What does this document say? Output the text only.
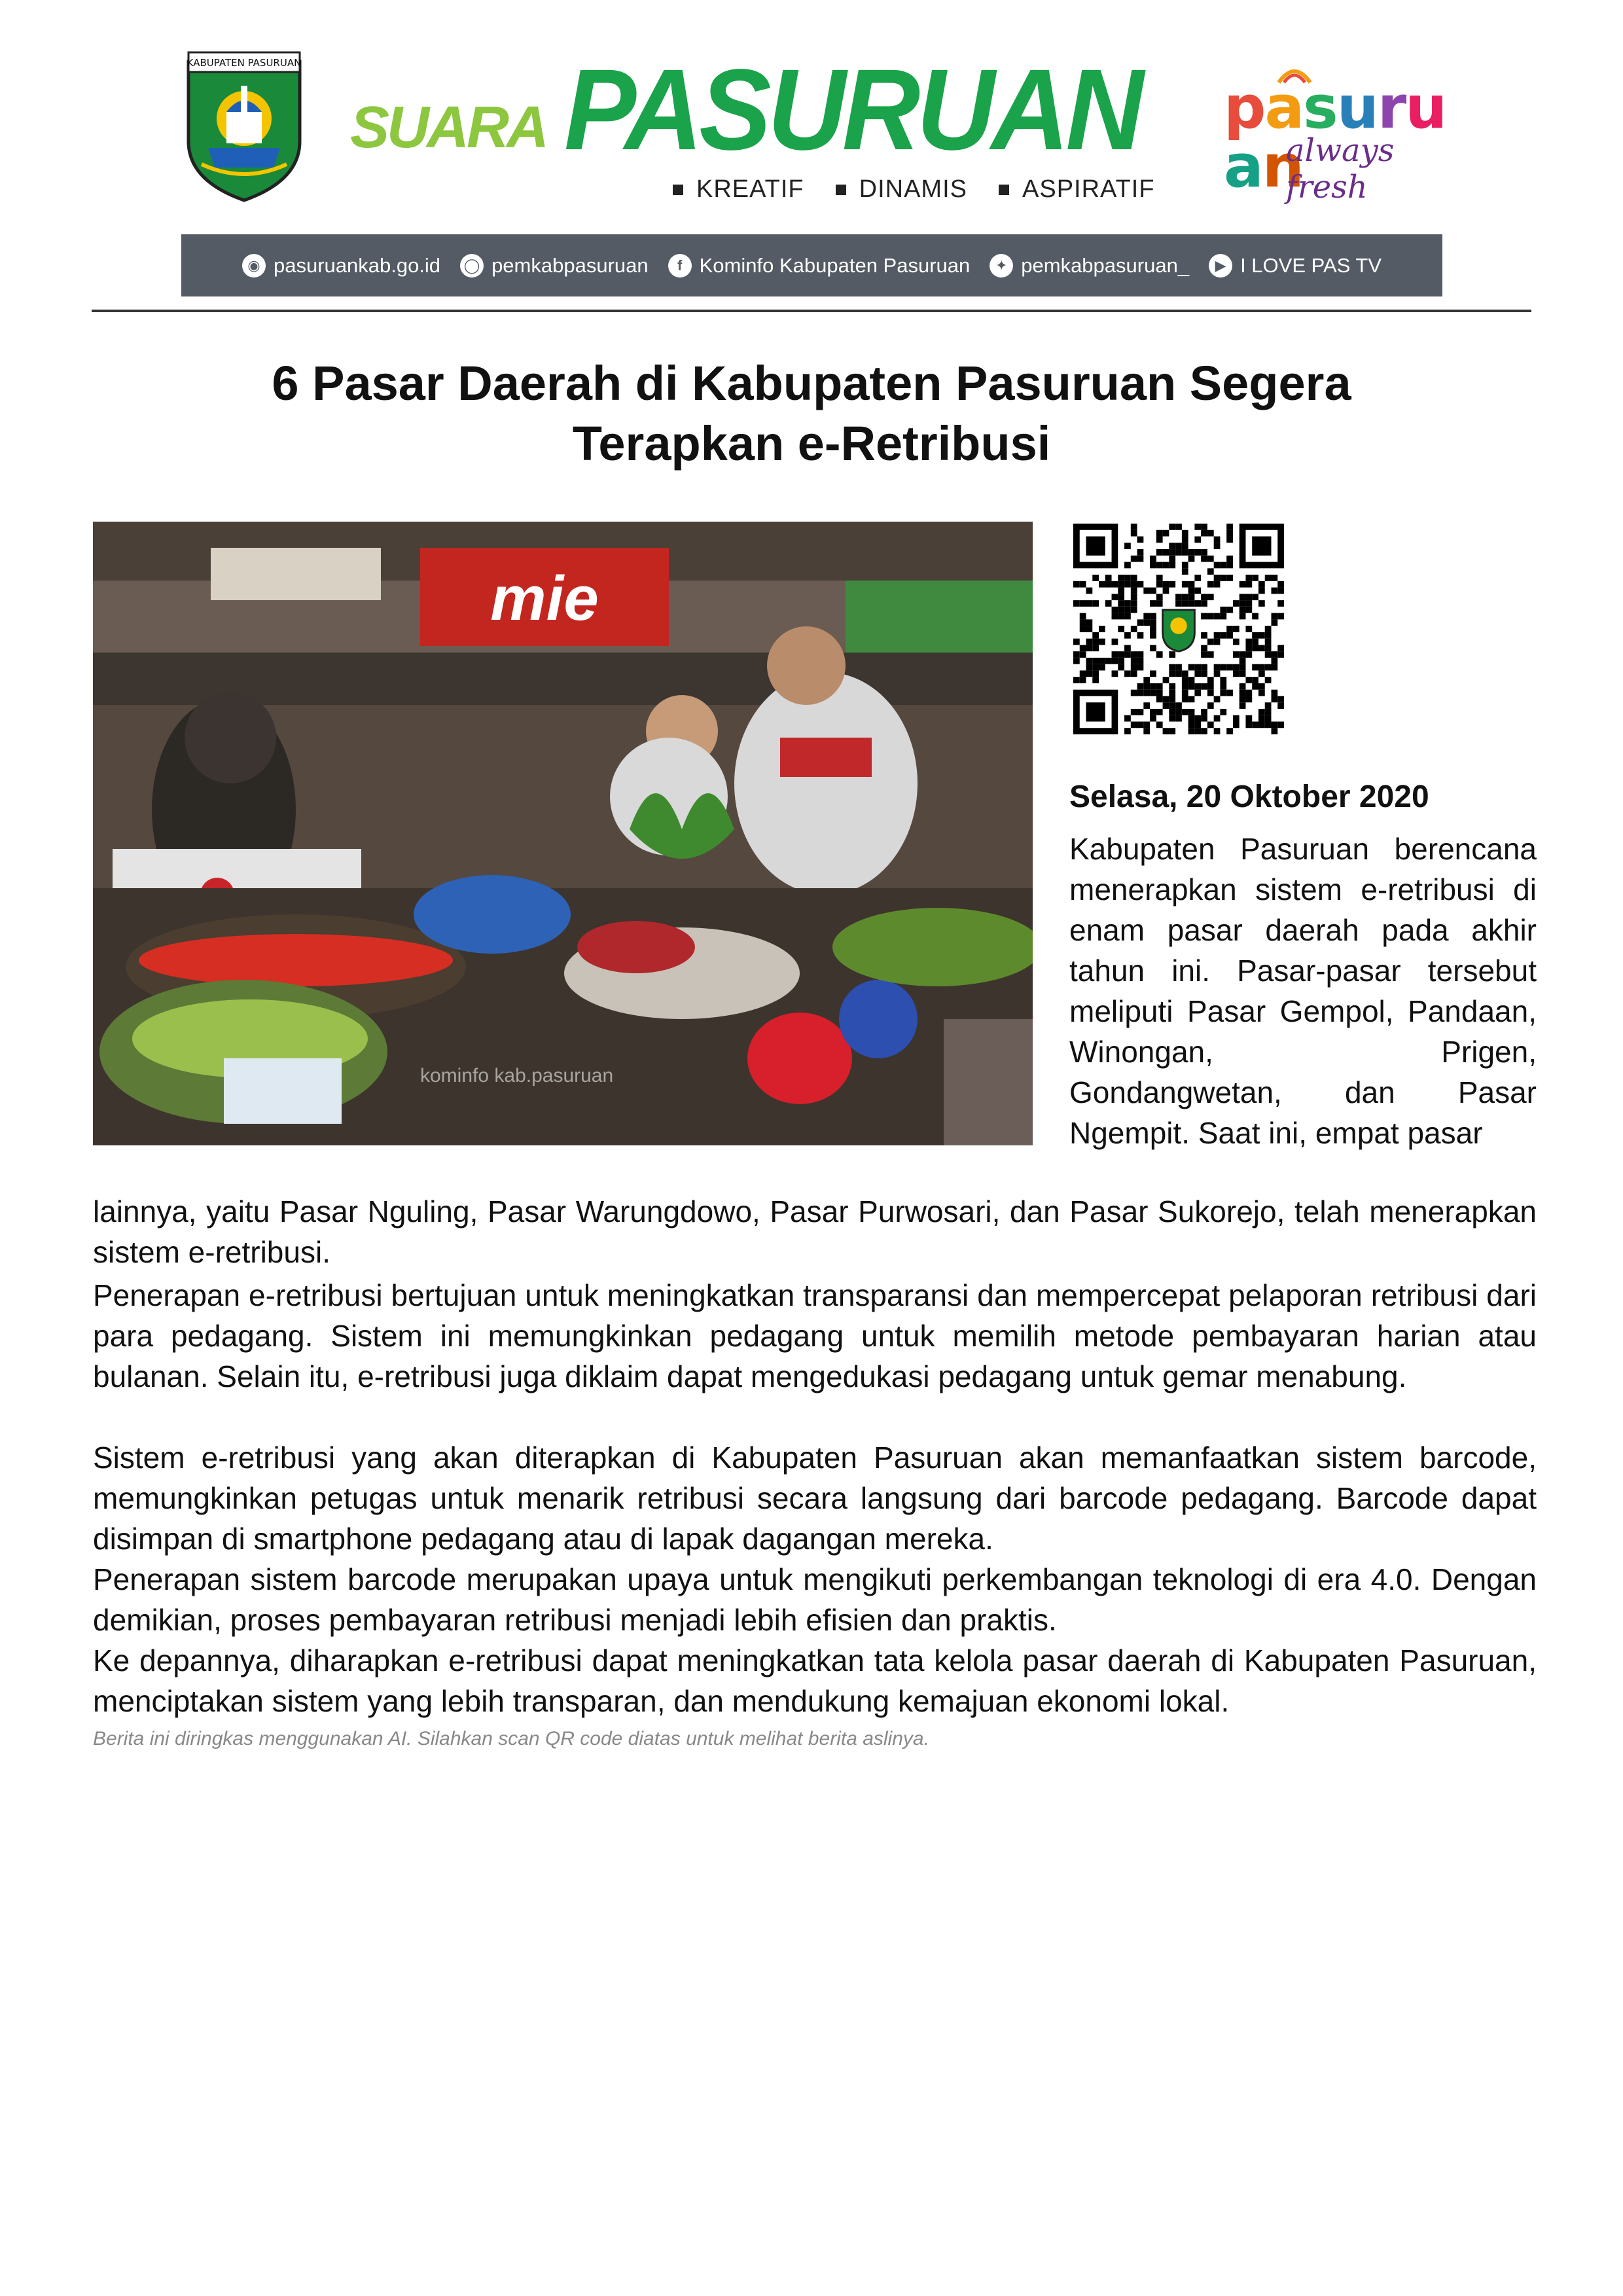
KABUPATEN PASURUAN
SUARA PASURUAN
KREATIF DINAMIS ASPIRATIF
pasuruan
always fresh
◉ pasuruankab.go.id ◯ pemkabpasuruan	f Kominfo Kabupaten Pasuruan	✦ pemkabpasuruan_	▶ I LOVE PAS TV
6 Pasar Daerah di Kabupaten Pasuruan Segera
Terapkan e-Retribusi
mie
kominfo kab.pasuruan
Selasa, 20 Oktober 2020

Kabupaten Pasuruan berencana menerapkan sistem e-retribusi di enam pasar daerah pada akhir tahun ini. Pasar-pasar tersebut meliputi Pasar Gempol, Pandaan, Winongan, Prigen, Gondangwetan, dan Pasar Ngempit. Saat ini, empat pasar

lainnya, yaitu Pasar Nguling, Pasar Warungdowo, Pasar Purwosari, dan Pasar Sukorejo, telah menerapkan sistem e-retribusi.

Penerapan e-retribusi bertujuan untuk meningkatkan transparansi dan mempercepat pelaporan retribusi dari para pedagang. Sistem ini memungkinkan pedagang untuk memilih metode pembayaran harian atau bulanan. Selain itu, e-retribusi juga diklaim dapat mengedukasi pedagang untuk gemar menabung.

Sistem e-retribusi yang akan diterapkan di Kabupaten Pasuruan akan memanfaatkan sistem barcode, memungkinkan petugas untuk menarik retribusi secara langsung dari barcode pedagang. Barcode dapat disimpan di smartphone pedagang atau di lapak dagangan mereka.

Penerapan sistem barcode merupakan upaya untuk mengikuti perkembangan teknologi di era 4.0. Dengan demikian, proses pembayaran retribusi menjadi lebih efisien dan praktis.

Ke depannya, diharapkan e-retribusi dapat meningkatkan tata kelola pasar daerah di Kabupaten Pasuruan, menciptakan sistem yang lebih transparan, dan mendukung kemajuan ekonomi lokal.

Berita ini diringkas menggunakan AI. Silahkan scan QR code diatas untuk melihat berita aslinya.
